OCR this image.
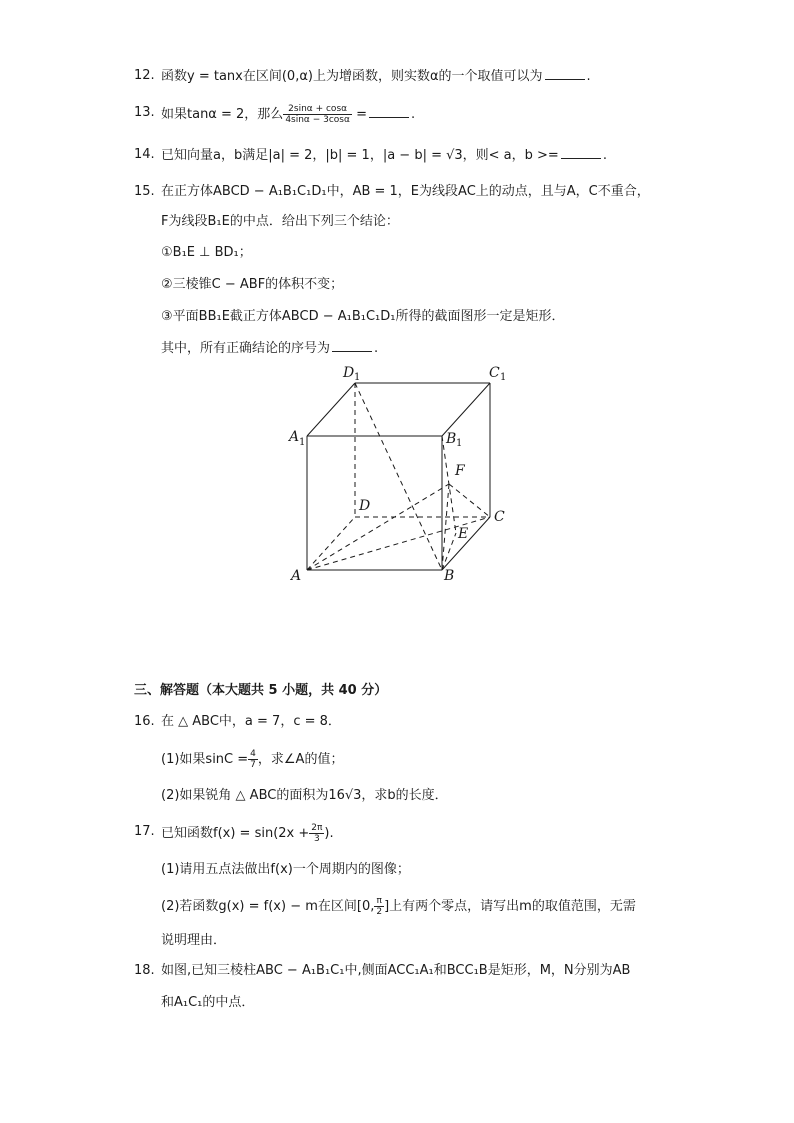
12. 函数y = tanx在区间(0,α)上为增函数，则实数α的一个取值可以为	.
13. 如果tanα = 2，那么 $\frac{2\sin\alpha + \cos\alpha}{4\sin\alpha - 3\cos\alpha}$ =	.
14. 已知向量a，b满足|a| = 2，|b| = 1，|a − b| = √3，则< a，b >=	.
15. 在正方体ABCD − A₁B₁C₁D₁中，AB = 1，E为线段AC上的动点，且与A，C不重合，
F为线段B₁E的中点．给出下列三个结论：
①B₁E ⊥ BD₁；
②三棱锥C − ABF的体积不变；
③平面BB₁E截正方体ABCD − A₁B₁C₁D₁所得的截面图形一定是矩形．
其中，所有正确结论的序号为	.
D 1	C 1
A 1	B 1
F
D
C
E
A	B
三、解答题（本大题共 5 小题，共 40 分）
16. 在 △ ABC中，a = 7，c = 8．
(1)如果$\sin C = \frac{4}{7}$ ，求∠A的值；
(2)如果锐角 △ ABC的面积为16√3，求b的长度．
17. 已知函数$f(x) = \sin(2x + \frac{2\pi}{3}$ ).
(1)请用五点法做出f(x)一个周期内的图像；
(2)若函数g(x) = f(x) − m在区间[0, $\frac{\pi}{2}$ ]上有两个零点，请写出m的取值范围，无需
说明理由．
18. 如图,已知三棱柱ABC − A₁B₁C₁中,侧面ACC₁A₁和BCC₁B是矩形，M，N分别为AB
和A₁C₁的中点．
